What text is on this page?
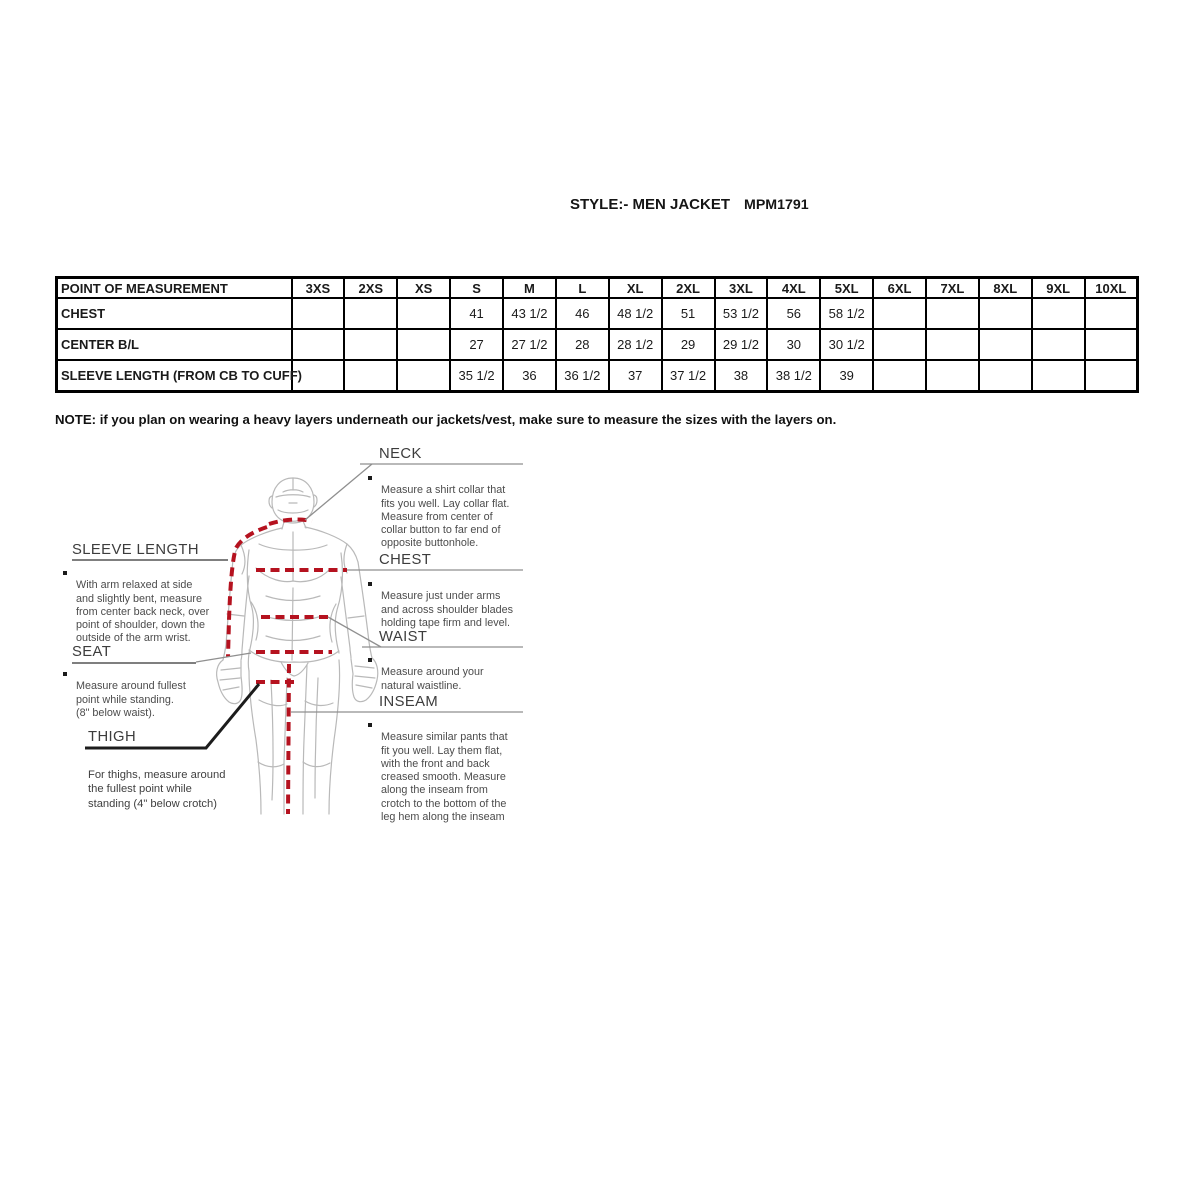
STYLE:- MEN JACKET MPM1791
POINT OF MEASUREMENT	3XS	2XS	XS	S	M	L	XL	2XL	3XL	4XL	5XL	6XL	7XL	8XL	9XL	10XL
CHEST				41	43 1/2	46	48 1/2	51	53 1/2	56	58 1/2					
CENTER B/L				27	27 1/2	28	28 1/2	29	29 1/2	30	30 1/2					
SLEEVE LENGTH (FROM CB TO CUFF)				35 1/2	36	36 1/2	37	37 1/2	38	38 1/2	39					
NOTE: if you plan on wearing a heavy layers underneath our jackets/vest, make sure to measure the sizes with the layers on.
NECK

Measure a shirt collar that
fits you well. Lay collar flat.
Measure from center of
collar button to far end of
opposite buttonhole.

CHEST

Measure just under arms
and across shoulder blades
holding tape firm and level.

WAIST

Measure around your
natural waistline.

INSEAM

Measure similar pants that
fit you well. Lay them flat,
with the front and back
creased smooth. Measure
along the inseam from
crotch to the bottom of the
leg hem along the inseam

SLEEVE LENGTH

With arm relaxed at side
and slightly bent, measure
from center back neck, over
point of shoulder, down the
outside of the arm wrist.

SEAT

Measure around fullest
point while standing.
(8" below waist).

THIGH

For thighs, measure around
the fullest point while
standing (4" below crotch)
